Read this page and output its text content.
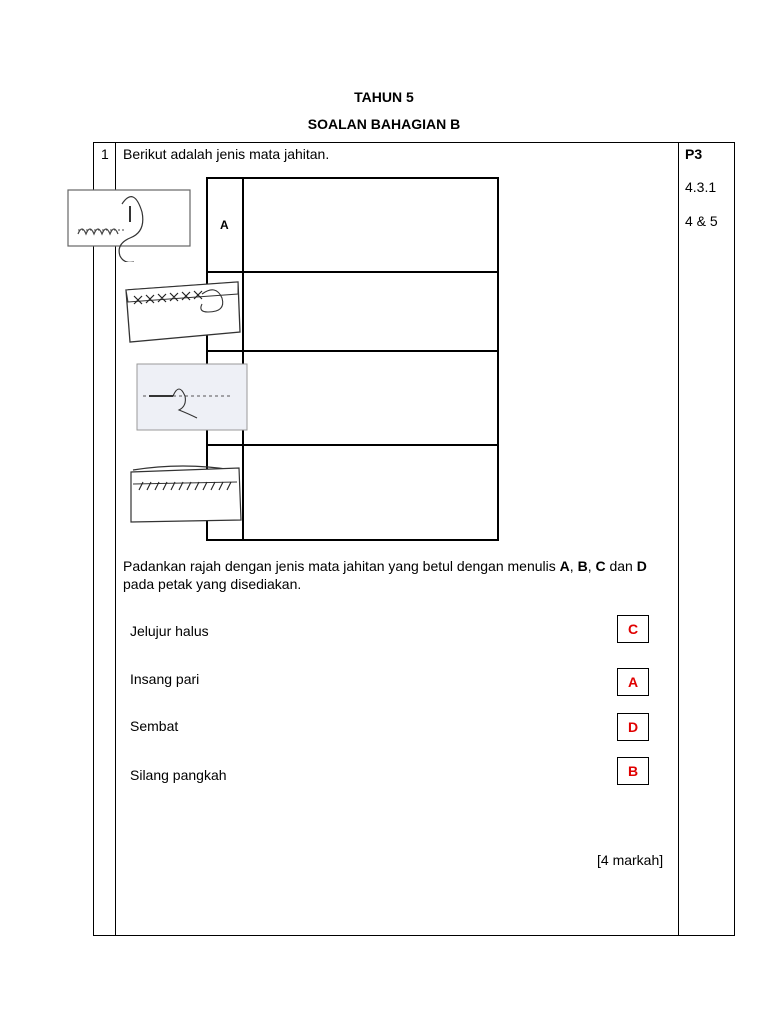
TAHUN 5
SOALAN BAHAGIAN B
1 Berikut adalah jenis mata jahitan.	P3
4.3.1
4 & 5
A
Padankan rajah dengan jenis mata jahitan yang betul dengan menulis A, B, C dan D pada petak yang disediakan.
Jelujur halus	C
Insang pari	A
Sembat	D
Silang pangkah	B
[4 markah]
